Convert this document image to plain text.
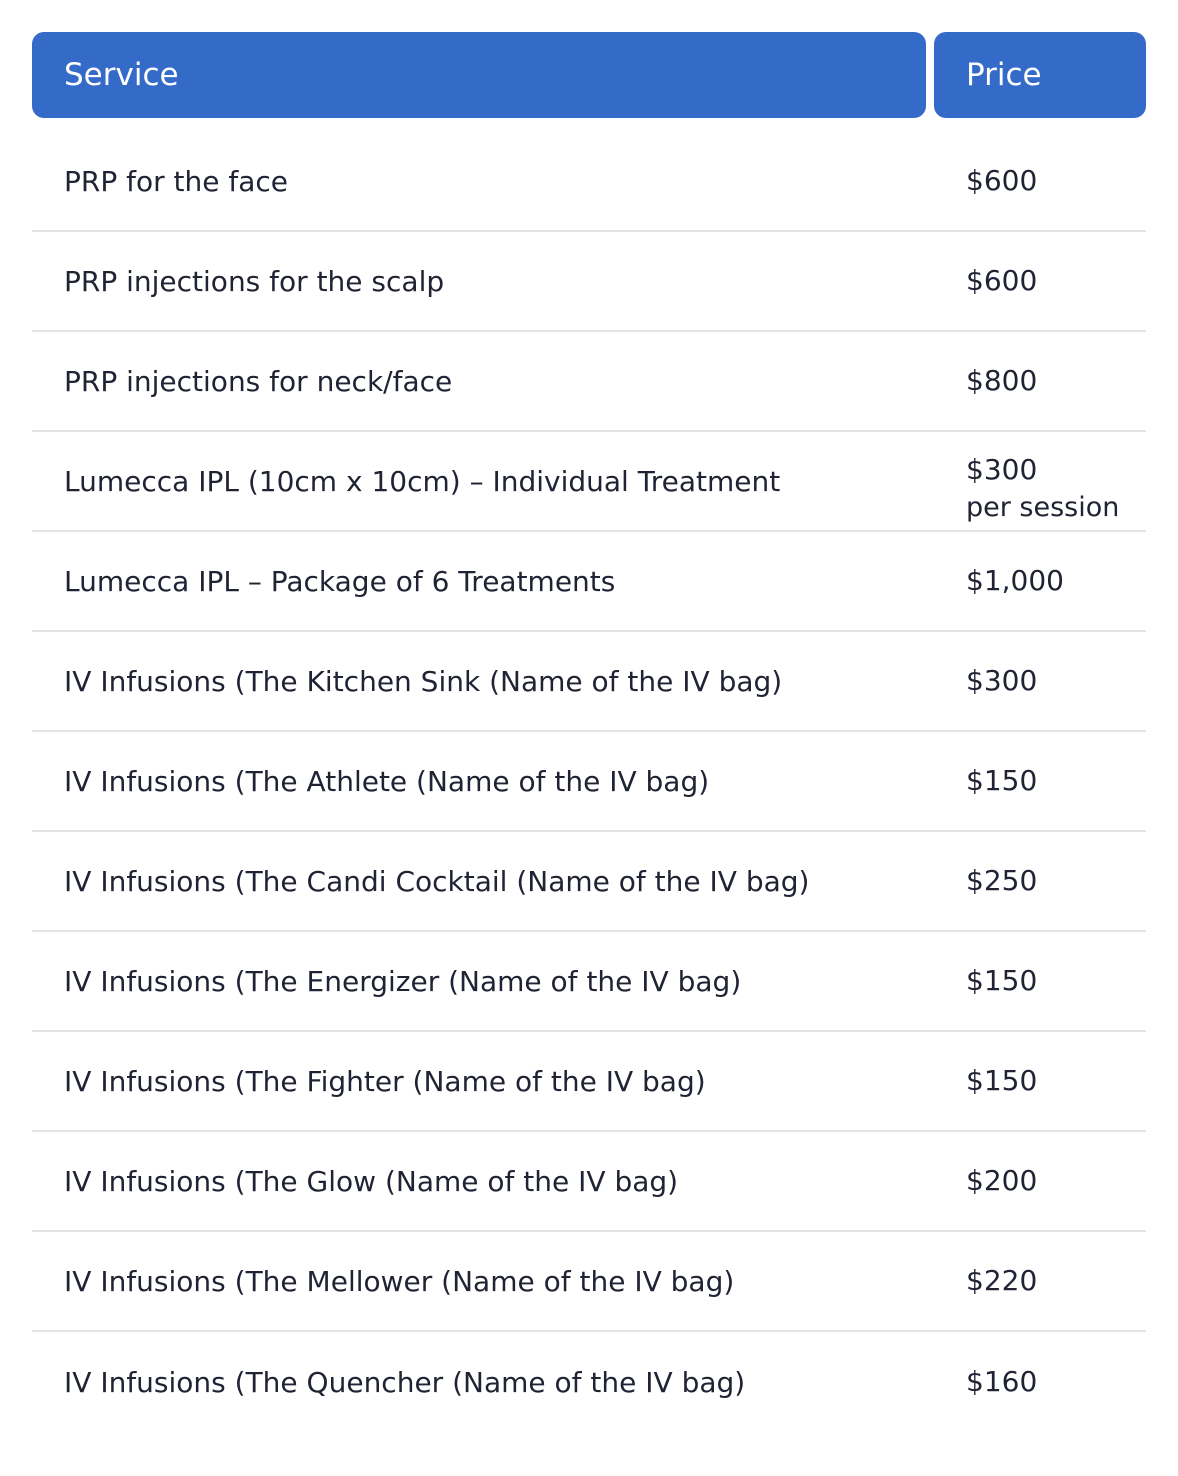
Service	Price
PRP for the face	$600
PRP injections for the scalp	$600
PRP injections for neck/face	$800
Lumecca IPL (10cm x 10cm) – Individual Treatment	$300
per session
Lumecca IPL – Package of 6 Treatments	$1,000
IV Infusions (The Kitchen Sink (Name of the IV bag)	$300
IV Infusions (The Athlete (Name of the IV bag)	$150
IV Infusions (The Candi Cocktail (Name of the IV bag)	$250
IV Infusions (The Energizer (Name of the IV bag)	$150
IV Infusions (The Fighter (Name of the IV bag)	$150
IV Infusions (The Glow (Name of the IV bag)	$200
IV Infusions (The Mellower (Name of the IV bag)	$220
IV Infusions (The Quencher (Name of the IV bag)	$160
